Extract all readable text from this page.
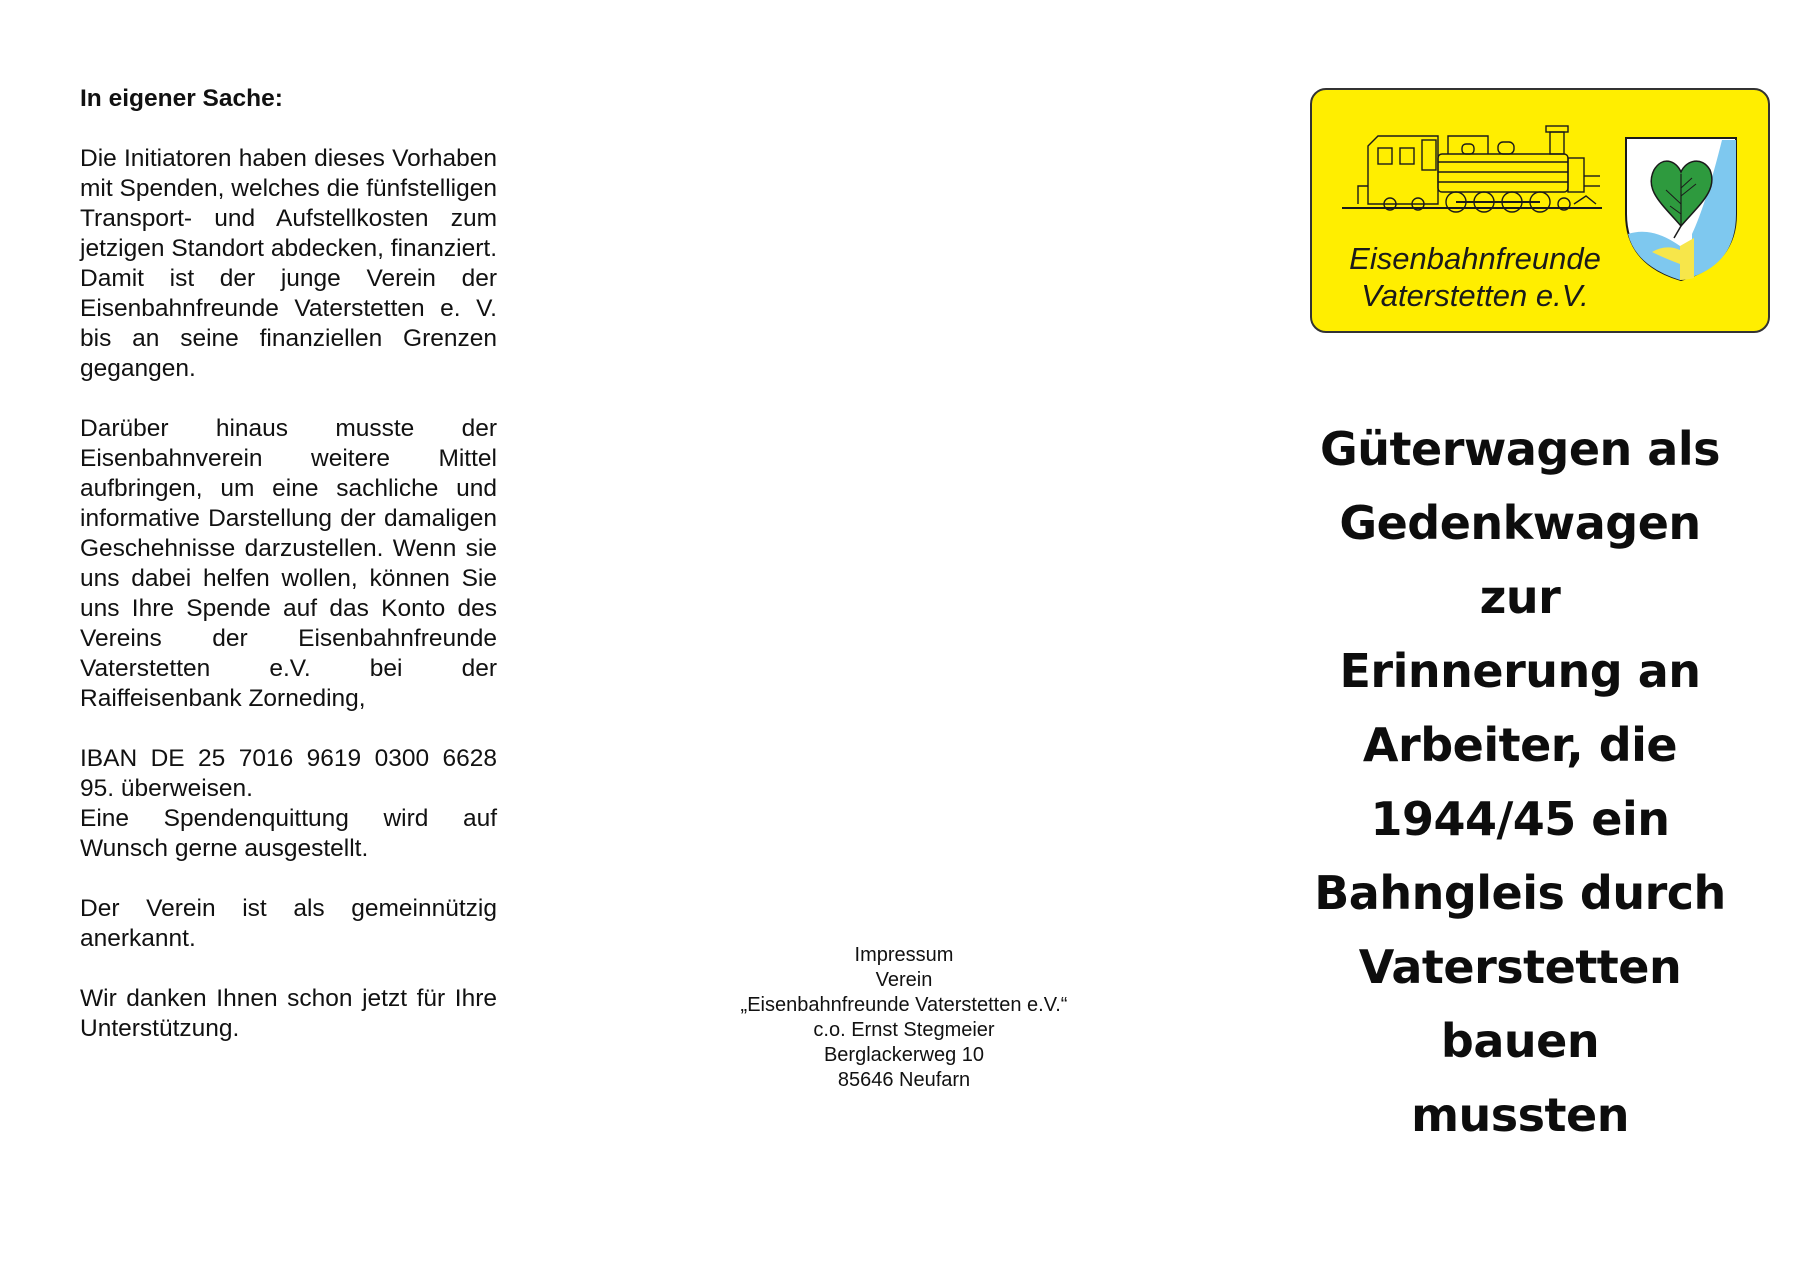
In eigener Sache:

Die Initiatoren haben dieses Vorhaben mit Spenden, welches die fünfstelligen Transport- und Aufstellkosten zum jetzigen Standort abdecken, finanziert. Damit ist der junge Verein der Eisenbahnfreunde Vaterstetten e. V. bis an seine finanziellen Grenzen gegangen.

Darüber hinaus musste der Eisenbahnverein weitere Mittel aufbringen, um eine sachliche und informative Darstellung der damaligen Geschehnisse darzustellen. Wenn sie uns dabei helfen wollen, können Sie uns Ihre Spende auf das Konto des Vereins der Eisenbahnfreunde Vaterstetten e.V. bei der Raiffeisenbank Zorneding,

IBAN DE 25 7016 9619 0300 6628 95. überweisen.

Eine Spendenquittung wird auf Wunsch gerne ausgestellt.

Der Verein ist als gemeinnützig anerkannt.

Wir danken Ihnen schon jetzt für Ihre Unterstützung.

Impressum
Verein
„Eisenbahnfreunde Vaterstetten e.V.“
c.o. Ernst Stegmeier
Berglackerweg 10
85646 Neufarn
Eisenbahnfreunde
Vaterstetten e.V.
Güterwagen als
Gedenkwagen
zur
Erinnerung an
Arbeiter, die
1944/45 ein
Bahngleis durch
Vaterstetten
bauen
mussten
